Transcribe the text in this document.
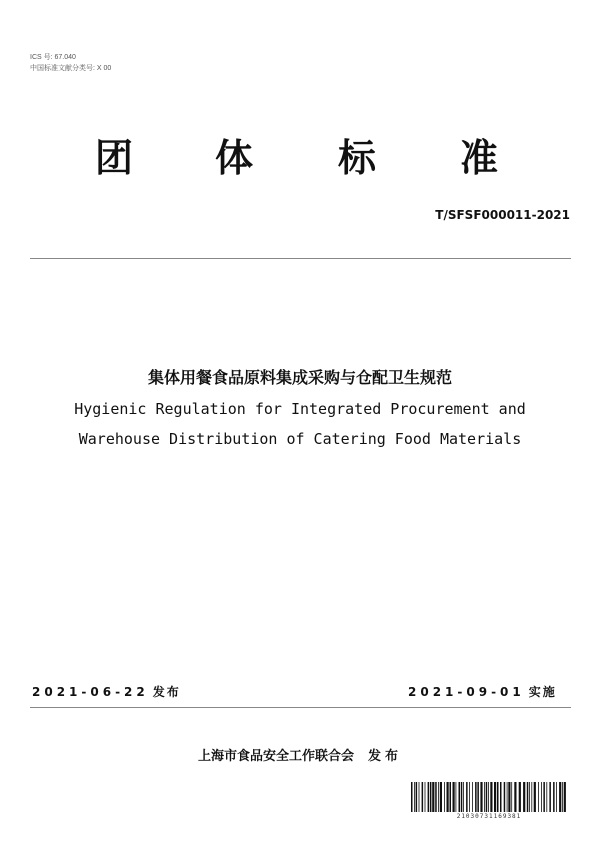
ICS 号: 67.040
中国标准文献分类号: X 00
团 体 标 准
T/SFSF000011-2021
集体用餐食品原料集成采购与仓配卫生规范
Hygienic Regulation for Integrated Procurement and
Warehouse Distribution of Catering Food Materials
2021-06-22 发布	2021-09-01 实施
上海市食品安全工作联合会 发布
21030731169381
